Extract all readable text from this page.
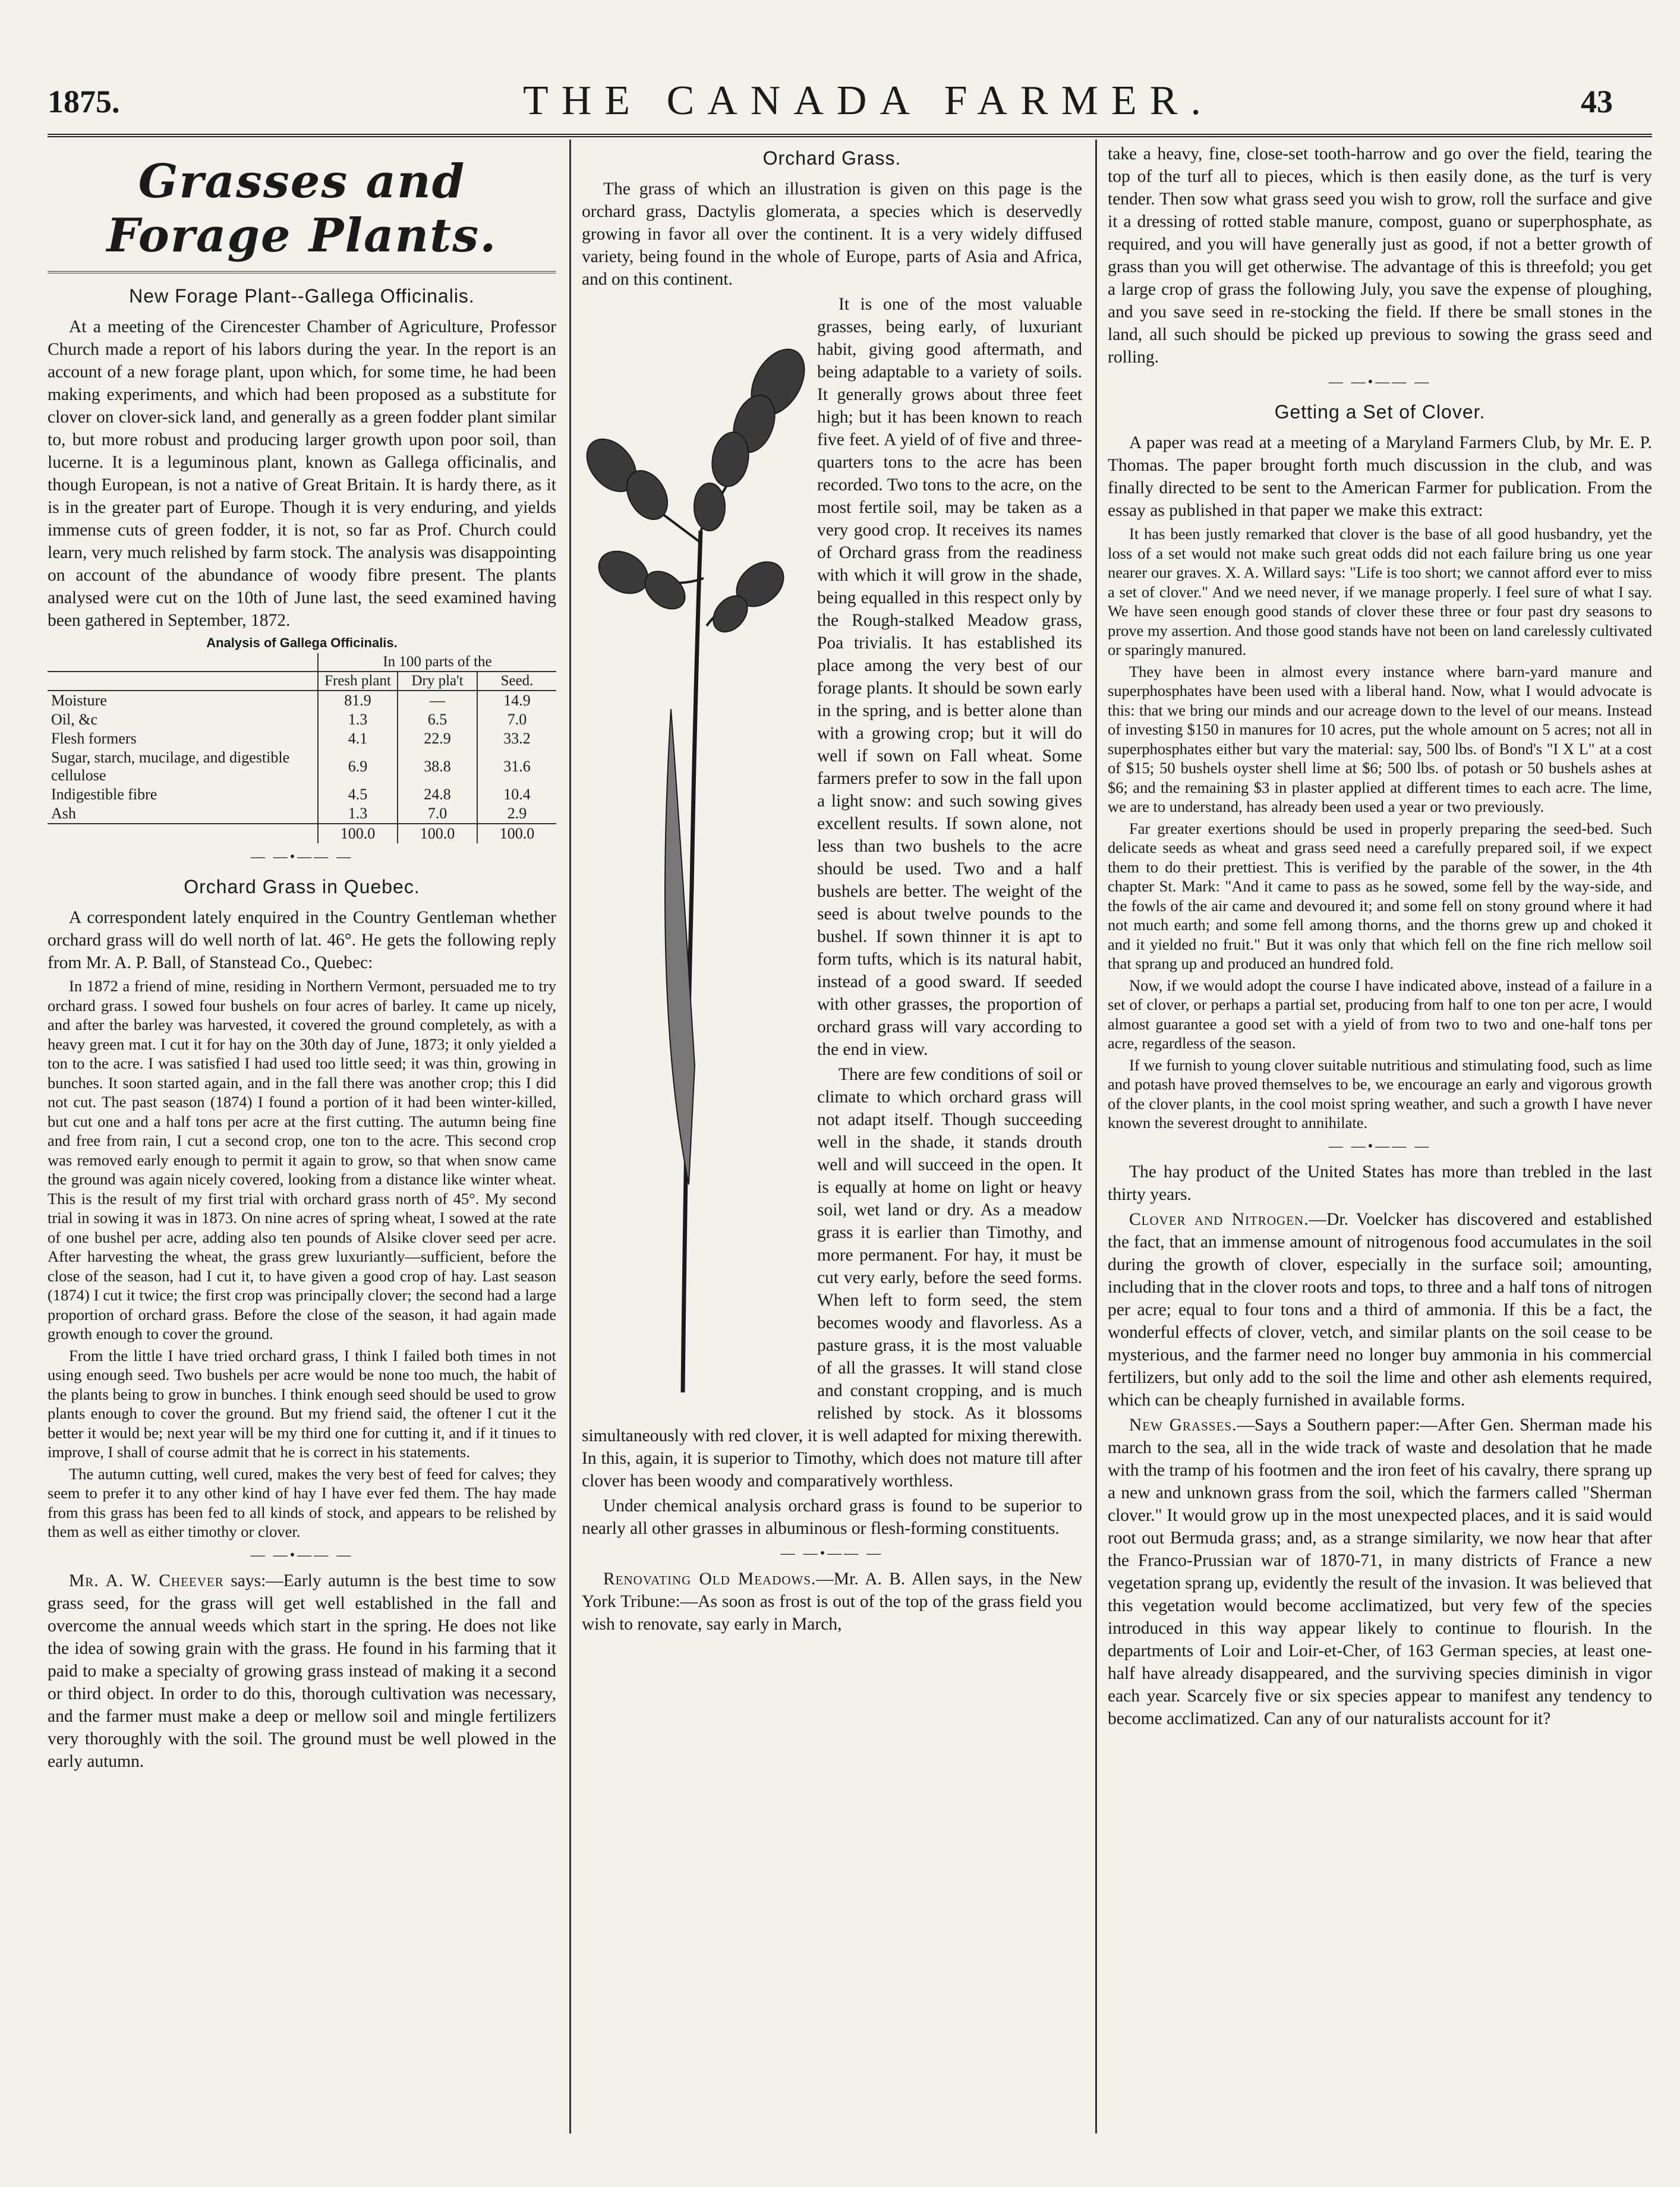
1875.	THE CANADA FARMER.	43
Grasses and Forage Plants.
New Forage Plant--Gallega Officinalis.

At a meeting of the Cirencester Chamber of Agriculture, Professor Church made a report of his labors during the year. In the report is an account of a new forage plant, upon which, for some time, he had been making experiments, and which had been proposed as a substitute for clover on clover-sick land, and generally as a green fodder plant similar to, but more robust and producing larger growth upon poor soil, than lucerne. It is a leguminous plant, known as Gallega officinalis, and though European, is not a native of Great Britain. It is hardy there, as it is in the greater part of Europe. Though it is very enduring, and yields immense cuts of green fodder, it is not, so far as Prof. Church could learn, very much relished by farm stock. The analysis was disappointing on account of the abundance of woody fibre present. The plants analysed were cut on the 10th of June last, the seed examined having been gathered in September, 1872.

Analysis of Gallega Officinalis.
	In 100 parts of the		
	Fresh plant	Dry pla't	Seed.
Moisture	81.9	—	14.9
Oil, &c	1.3	6.5	7.0
Flesh formers	4.1	22.9	33.2
Sugar, starch, mucilage, and digestible cellulose	6.9	38.8	31.6
Indigestible fibre	4.5	24.8	10.4
Ash	1.3	7.0	2.9
	100.0	100.0	100.0
— —•—— —
Orchard Grass in Quebec.

A correspondent lately enquired in the Country Gentleman whether orchard grass will do well north of lat. 46°. He gets the following reply from Mr. A. P. Ball, of Stanstead Co., Quebec:

In 1872 a friend of mine, residing in Northern Vermont, persuaded me to try orchard grass. I sowed four bushels on four acres of barley. It came up nicely, and after the barley was harvested, it covered the ground completely, as with a heavy green mat. I cut it for hay on the 30th day of June, 1873; it only yielded a ton to the acre. I was satisfied I had used too little seed; it was thin, growing in bunches. It soon started again, and in the fall there was another crop; this I did not cut. The past season (1874) I found a portion of it had been winter-killed, but cut one and a half tons per acre at the first cutting. The autumn being fine and free from rain, I cut a second crop, one ton to the acre. This second crop was removed early enough to permit it again to grow, so that when snow came the ground was again nicely covered, looking from a distance like winter wheat. This is the result of my first trial with orchard grass north of 45°. My second trial in sowing it was in 1873. On nine acres of spring wheat, I sowed at the rate of one bushel per acre, adding also ten pounds of Alsike clover seed per acre. After harvesting the wheat, the grass grew luxuriantly—sufficient, before the close of the season, had I cut it, to have given a good crop of hay. Last season (1874) I cut it twice; the first crop was principally clover; the second had a large proportion of orchard grass. Before the close of the season, it had again made growth enough to cover the ground.

From the little I have tried orchard grass, I think I failed both times in not using enough seed. Two bushels per acre would be none too much, the habit of the plants being to grow in bunches. I think enough seed should be used to grow plants enough to cover the ground. But my friend said, the oftener I cut it the better it would be; next year will be my third one for cutting it, and if it tinues to improve, I shall of course admit that he is correct in his statements.

The autumn cutting, well cured, makes the very best of feed for calves; they seem to prefer it to any other kind of hay I have ever fed them. The hay made from this grass has been fed to all kinds of stock, and appears to be relished by them as well as either timothy or clover.

— —•—— —

Mr. A. W. Cheever says:—Early autumn is the best time to sow grass seed, for the grass will get well established in the fall and overcome the annual weeds which start in the spring. He does not like the idea of sowing grain with the grass. He found in his farming that it paid to make a specialty of growing grass instead of making it a second or third object. In order to do this, thorough cultivation was necessary, and the farmer must make a deep or mellow soil and mingle fertilizers very thoroughly with the soil. The ground must be well plowed in the early autumn.

Orchard Grass.

The grass of which an illustration is given on this page is the orchard grass, Dactylis glomerata, a species which is deservedly growing in favor all over the continent. It is a very widely diffused variety, being found in the whole of Europe, parts of Asia and Africa, and on this continent.

It is one of the most valuable grasses, being early, of luxuriant habit, giving good aftermath, and being adaptable to a variety of soils. It generally grows about three feet high; but it has been known to reach five feet. A yield of of five and three-quarters tons to the acre has been recorded. Two tons to the acre, on the most fertile soil, may be taken as a very good crop. It receives its names of Orchard grass from the readiness with which it will grow in the shade, being equalled in this respect only by the Rough-stalked Meadow grass, Poa trivialis. It has established its place among the very best of our forage plants. It should be sown early in the spring, and is better alone than with a growing crop; but it will do well if sown on Fall wheat. Some farmers prefer to sow in the fall upon a light snow: and such sowing gives excellent results. If sown alone, not less than two bushels to the acre should be used. Two and a half bushels are better. The weight of the seed is about twelve pounds to the bushel. If sown thinner it is apt to form tufts, which is its natural habit, instead of a good sward. If seeded with other grasses, the proportion of orchard grass will vary according to the end in view.

There are few conditions of soil or climate to which orchard grass will not adapt itself. Though succeeding well in the shade, it stands drouth well and will succeed in the open. It is equally at home on light or heavy soil, wet land or dry. As a meadow grass it is earlier than Timothy, and more permanent. For hay, it must be cut very early, before the seed forms. When left to form seed, the stem becomes woody and flavorless. As a pasture grass, it is the most valuable of all the grasses. It will stand close and constant cropping, and is much relished by stock. As it blossoms simultaneously with red clover, it is well adapted for mixing therewith. In this, again, it is superior to Timothy, which does not mature till after clover has been woody and comparatively worthless.

Under chemical analysis orchard grass is found to be superior to nearly all other grasses in albuminous or flesh-forming constituents.

— —•—— —

Renovating Old Meadows.—Mr. A. B. Allen says, in the New York Tribune:—As soon as frost is out of the top of the grass field you wish to renovate, say early in March,

take a heavy, fine, close-set tooth-harrow and go over the field, tearing the top of the turf all to pieces, which is then easily done, as the turf is very tender. Then sow what grass seed you wish to grow, roll the surface and give it a dressing of rotted stable manure, compost, guano or superphosphate, as required, and you will have generally just as good, if not a better growth of grass than you will get otherwise. The advantage of this is threefold; you get a large crop of grass the following July, you save the expense of ploughing, and you save seed in re-stocking the field. If there be small stones in the land, all such should be picked up previous to sowing the grass seed and rolling.

— —•—— —
Getting a Set of Clover.

A paper was read at a meeting of a Maryland Farmers Club, by Mr. E. P. Thomas. The paper brought forth much discussion in the club, and was finally directed to be sent to the American Farmer for publication. From the essay as published in that paper we make this extract:

It has been justly remarked that clover is the base of all good husbandry, yet the loss of a set would not make such great odds did not each failure bring us one year nearer our graves. X. A. Willard says: "Life is too short; we cannot afford ever to miss a set of clover." And we need never, if we manage properly. I feel sure of what I say. We have seen enough good stands of clover these three or four past dry seasons to prove my assertion. And those good stands have not been on land carelessly cultivated or sparingly manured.

They have been in almost every instance where barn-yard manure and superphosphates have been used with a liberal hand. Now, what I would advocate is this: that we bring our minds and our acreage down to the level of our means. Instead of investing $150 in manures for 10 acres, put the whole amount on 5 acres; not all in superphosphates either but vary the material: say, 500 lbs. of Bond's "I X L" at a cost of $15; 50 bushels oyster shell lime at $6; 500 lbs. of potash or 50 bushels ashes at $6; and the remaining $3 in plaster applied at different times to each acre. The lime, we are to understand, has already been used a year or two previously.

Far greater exertions should be used in properly preparing the seed-bed. Such delicate seeds as wheat and grass seed need a carefully prepared soil, if we expect them to do their prettiest. This is verified by the parable of the sower, in the 4th chapter St. Mark: "And it came to pass as he sowed, some fell by the way-side, and the fowls of the air came and devoured it; and some fell on stony ground where it had not much earth; and some fell among thorns, and the thorns grew up and choked it and it yielded no fruit." But it was only that which fell on the fine rich mellow soil that sprang up and produced an hundred fold.

Now, if we would adopt the course I have indicated above, instead of a failure in a set of clover, or perhaps a partial set, producing from half to one ton per acre, I would almost guarantee a good set with a yield of from two to two and one-half tons per acre, regardless of the season.

If we furnish to young clover suitable nutritious and stimulating food, such as lime and potash have proved themselves to be, we encourage an early and vigorous growth of the clover plants, in the cool moist spring weather, and such a growth I have never known the severest drought to annihilate.

— —•—— —

The hay product of the United States has more than trebled in the last thirty years.

Clover and Nitrogen.—Dr. Voelcker has discovered and established the fact, that an immense amount of nitrogenous food accumulates in the soil during the growth of clover, especially in the surface soil; amounting, including that in the clover roots and tops, to three and a half tons of nitrogen per acre; equal to four tons and a third of ammonia. If this be a fact, the wonderful effects of clover, vetch, and similar plants on the soil cease to be mysterious, and the farmer need no longer buy ammonia in his commercial fertilizers, but only add to the soil the lime and other ash elements required, which can be cheaply furnished in available forms.

New Grasses.—Says a Southern paper:—After Gen. Sherman made his march to the sea, all in the wide track of waste and desolation that he made with the tramp of his footmen and the iron feet of his cavalry, there sprang up a new and unknown grass from the soil, which the farmers called "Sherman clover." It would grow up in the most unexpected places, and it is said would root out Bermuda grass; and, as a strange similarity, we now hear that after the Franco-Prussian war of 1870-71, in many districts of France a new vegetation sprang up, evidently the result of the invasion. It was believed that this vegetation would become acclimatized, but very few of the species introduced in this way appear likely to continue to flourish. In the departments of Loir and Loir-et-Cher, of 163 German species, at least one-half have already disappeared, and the surviving species diminish in vigor each year. Scarcely five or six species appear to manifest any tendency to become acclimatized. Can any of our naturalists account for it?
